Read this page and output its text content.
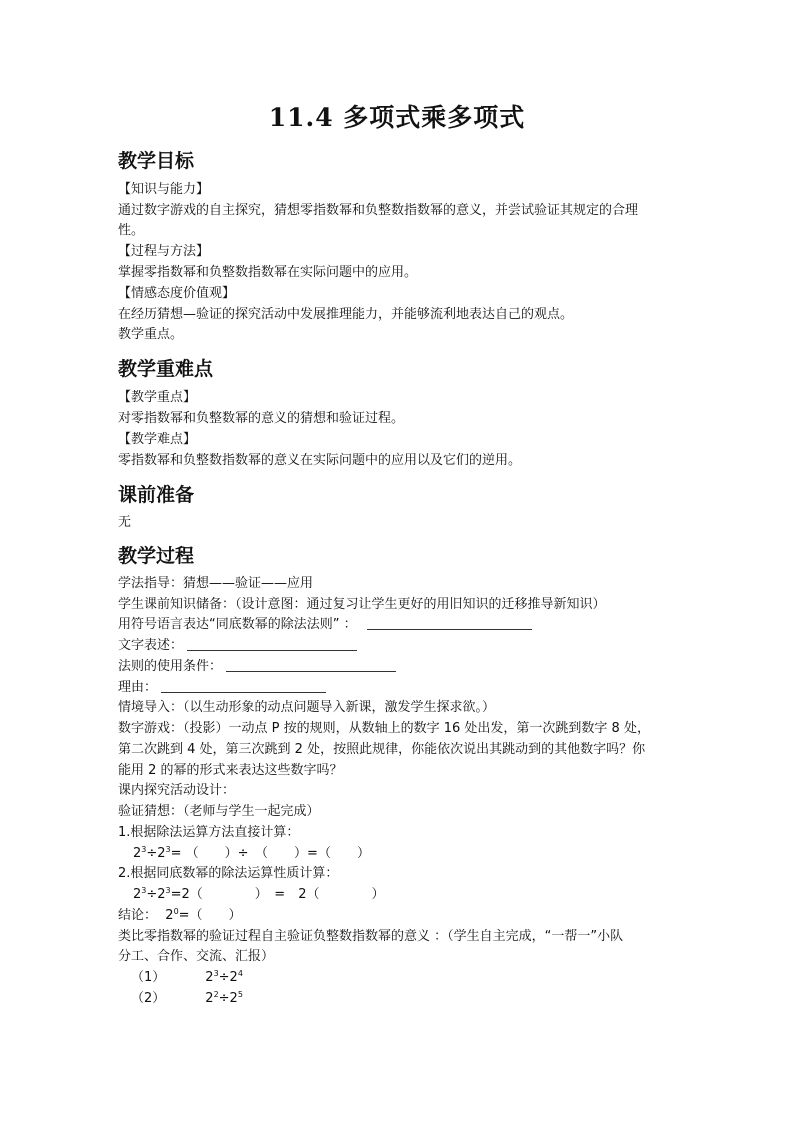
11.4 多项式乘多项式
教学目标
【知识与能力】
通过数字游戏的自主探究，猜想零指数幂和负整数指数幂的意义，并尝试验证其规定的合理
性。
【过程与方法】
掌握零指数幂和负整数指数幂在实际问题中的应用。
【情感态度价值观】
在经历猜想—验证的探究活动中发展推理能力，并能够流利地表达自己的观点。
教学重点。
教学重难点
【教学重点】
对零指数幂和负整数幂的意义的猜想和验证过程。
【教学难点】
零指数幂和负整数指数幂的意义在实际问题中的应用以及它们的逆用。
课前准备
无
教学过程
学法指导：猜想——验证——应用
学生课前知识储备：（设计意图：通过复习让学生更好的用旧知识的迁移推导新知识）
用符号语言表达“同底数幂的除法法则” ：
文字表述：
法则的使用条件：
理由：
情境导入：（以生动形象的动点问题导入新课，激发学生探求欲。）
数字游戏：（投影）一动点 P 按的规则，从数轴上的数字 16 处出发，第一次跳到数字 8 处，
第二次跳到 4 处，第三次跳到 2 处，按照此规律，你能依次说出其跳动到的其他数字吗？你
能用 2 的幂的形式来表达这些数字吗？
课内探究活动设计：
验证猜想：（老师与学生一起完成）
1.根据除法运算方法直接计算：
$2^3\div 2^3=$ （　　）÷　（　　）=（　　）
2.根据同底数幂的除法运算性质计算：
$2^3\div 2^3=2$（　　　　）　=　2（　　　　）
结论： $2^0=$（　　）
类比零指数幂的验证过程自主验证负整数指数幂的意义 ：（学生自主完成，“一帮一”小队
分工、合作、交流、汇报）
（1）	$2^3\div 2^4$
（2）	$2^2\div 2^5$
